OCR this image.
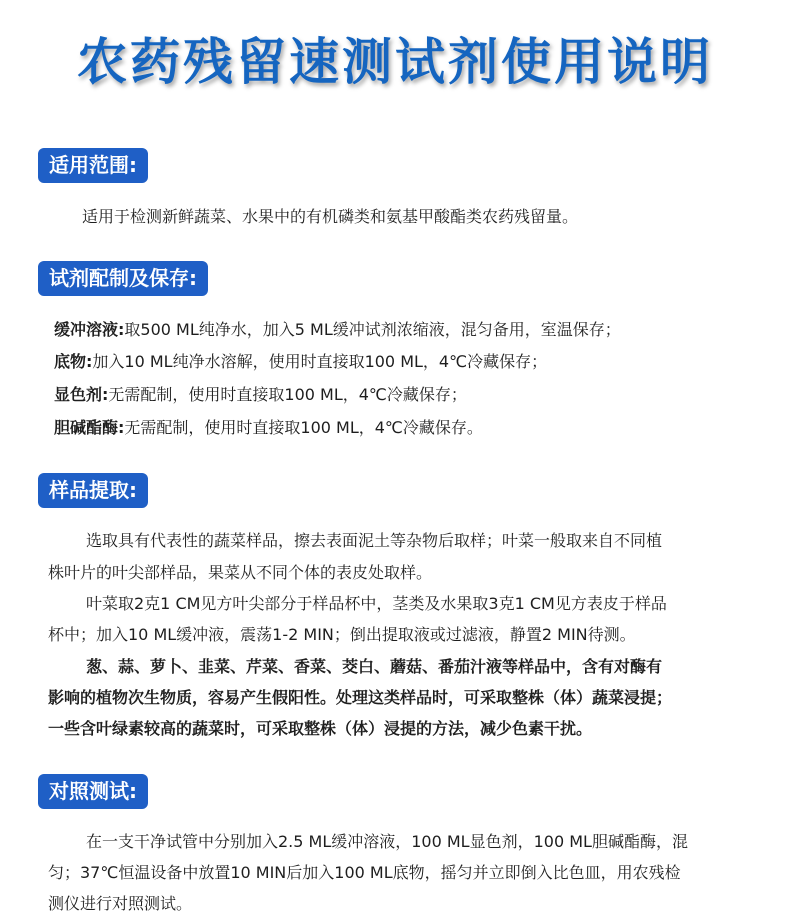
农药残留速测试剂使用说明
适用范围:
适用于检测新鲜蔬菜、水果中的有机磷类和氨基甲酸酯类农药残留量。
试剂配制及保存:
缓冲溶液:取500 ML纯净水，加入5 ML缓冲试剂浓缩液，混匀备用，室温保存；
底物:加入10 ML纯净水溶解，使用时直接取100 ML，4℃冷藏保存；
显色剂:无需配制，使用时直接取100 ML，4℃冷藏保存；
胆碱酯酶:无需配制，使用时直接取100 ML，4℃冷藏保存。
样品提取:
选取具有代表性的蔬菜样品，擦去表面泥土等杂物后取样；叶菜一般取来自不同植
株叶片的叶尖部样品，果菜从不同个体的表皮处取样。
叶菜取2克1 CM见方叶尖部分于样品杯中，茎类及水果取3克1 CM见方表皮于样品
杯中；加入10 ML缓冲液，震荡1-2 MIN；倒出提取液或过滤液，静置2 MIN待测。
葱、蒜、萝卜、韭菜、芹菜、香菜、茭白、蘑菇、番茄汁液等样品中，含有对酶有
影响的植物次生物质，容易产生假阳性。处理这类样品时，可采取整株（体）蔬菜浸提；
一些含叶绿素较高的蔬菜时，可采取整株（体）浸提的方法，减少色素干扰。
对照测试:
在一支干净试管中分别加入2.5 ML缓冲溶液，100 ML显色剂，100 ML胆碱酯酶，混
匀；37℃恒温设备中放置10 MIN后加入100 ML底物，摇匀并立即倒入比色皿，用农残检
测仪进行对照测试。
